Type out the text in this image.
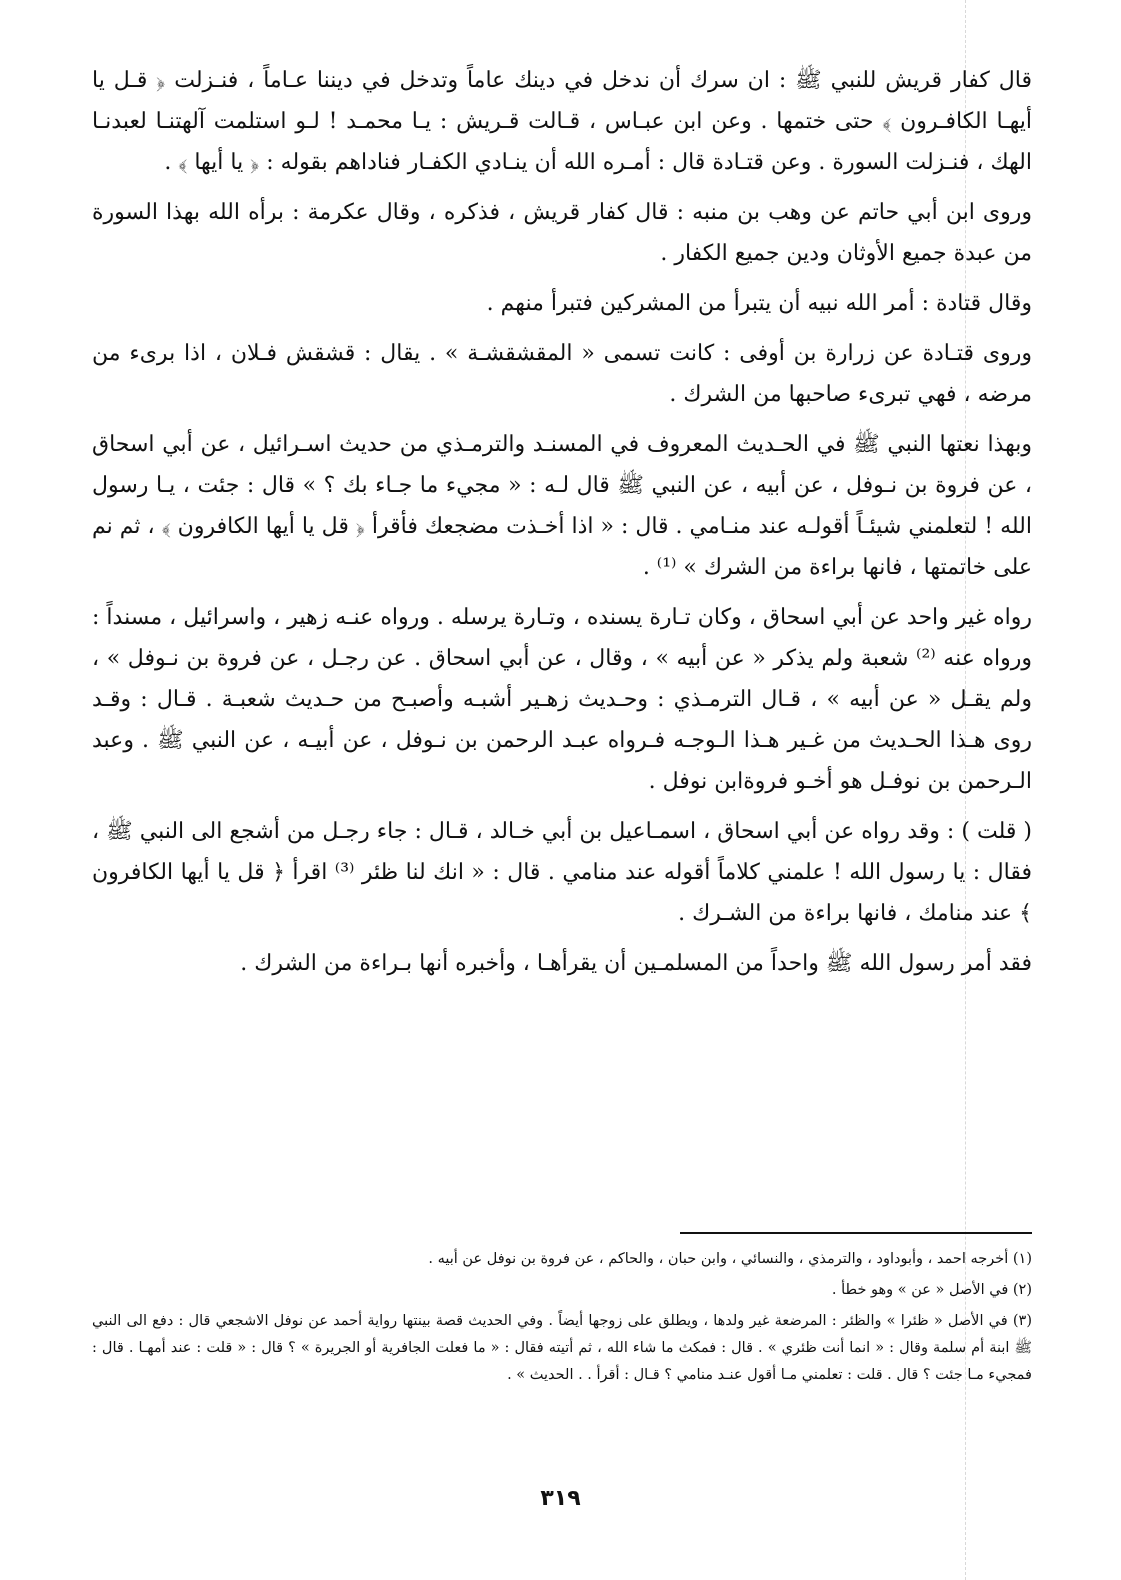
قال كفار قريش للنبي ﷺ : ان سرك أن ندخل في دينك عاماً وتدخل في ديننا عـاماً ، فنـزلت ﴿ قـل يا أيهـا الكافـرون ﴾ حتى ختمها . وعن ابن عبـاس ، قـالت قـريش : يـا محمـد ! لـو استلمت آلهتنـا لعبدنـا الهك ، فنـزلت السورة . وعن قتـادة قال : أمـره الله أن ينـادي الكفـار فناداهم بقوله : ﴿ يا أيها ﴾ .

وروى ابن أبي حاتم عن وهب بن منبه : قال كفار قريش ، فذكره ، وقال عكرمة : برأه الله بهذا السورة من عبدة جميع الأوثان ودين جميع الكفار .

وقال قتادة : أمر الله نبيه أن يتبرأ من المشركين فتبرأ منهم .

وروى قتـادة عن زرارة بن أوفى : كانت تسمى « المقشقشـة » . يقال : قشقش فـلان ، اذا برىء من مرضه ، فهي تبرىء صاحبها من الشرك .

وبهذا نعتها النبي ﷺ في الحـديث المعروف في المسنـد والترمـذي من حديث اسـرائيل ، عن أبي اسحاق ، عن فروة بن نـوفل ، عن أبيه ، عن النبي ﷺ قال لـه : « مجيء ما جـاء بك ؟ » قال : جئت ، يـا رسول الله ! لتعلمني شيئـاً أقولـه عند منـامي . قال : « اذا أخـذت مضجعك فأقرأ ﴿ قل يا أيها الكافرون ﴾ ، ثم نم على خاتمتها ، فانها براءة من الشرك » ⁽¹⁾ .

رواه غير واحد عن أبي اسحاق ، وكان تـارة يسنده ، وتـارة يرسله . ورواه عنـه زهير ، واسرائيل ، مسنداً : ورواه عنه ⁽²⁾ شعبة ولم يذكر « عن أبيه » ، وقال ، عن أبي اسحاق . عن رجـل ، عن فروة بن نـوفل » ، ولم يقـل « عن أبيه » ، قـال الترمـذي : وحـديث زهـير أشبـه وأصبـح من حـديث شعبـة . قـال : وقـد روى هـذا الحـديث من غـير هـذا الـوجـه فـرواه عبـد الرحمن بن نـوفل ، عن أبيـه ، عن النبي ﷺ . وعبد الـرحمن بن نوفـل هو أخـو فروةابن نوفل .

( قلت ) : وقد رواه عن أبي اسحاق ، اسمـاعيل بن أبي خـالد ، قـال : جاء رجـل من أشجع الى النبي ﷺ ، فقال : يا رسول الله ! علمني كلاماً أقوله عند منامي . قال : « انك لنا ظئر ⁽³⁾ اقرأ ﴿ قل يا أيها الكافرون ﴾ عند منامك ، فانها براءة من الشـرك .

فقد أمر رسول الله ﷺ واحداً من المسلمـين أن يقرأهـا ، وأخبره أنها بـراءة من الشرك .

(١) أخرجه احمد ، وأبوداود ، والترمذي ، والنسائي ، وابن حبان ، والحاكم ، عن فروة بن نوفل عن أبيه .

(٢) في الأصل « عن » وهو خطأ .

(٣) في الأصل « ظئرا » والظئر : المرضعة غير ولدها ، ويطلق على زوجها أيضاً . وفي الحديث قصة بينتها رواية أحمد عن نوفل الاشجعي قال : دفع الى النبي ﷺ ابنة أم سلمة وقال : « انما أنت ظئري » . قال : فمكث ما شاء الله ، ثم أتيته فقال : « ما فعلت الجافرية أو الجريرة » ؟ قال : « قلت : عند أمهـا . قال : فمجيء مـا جئت ؟ قال . قلت : تعلمني مـا أقول عنـد منامي ؟ قـال : أقرأ . . الحديث » .

٣١٩
